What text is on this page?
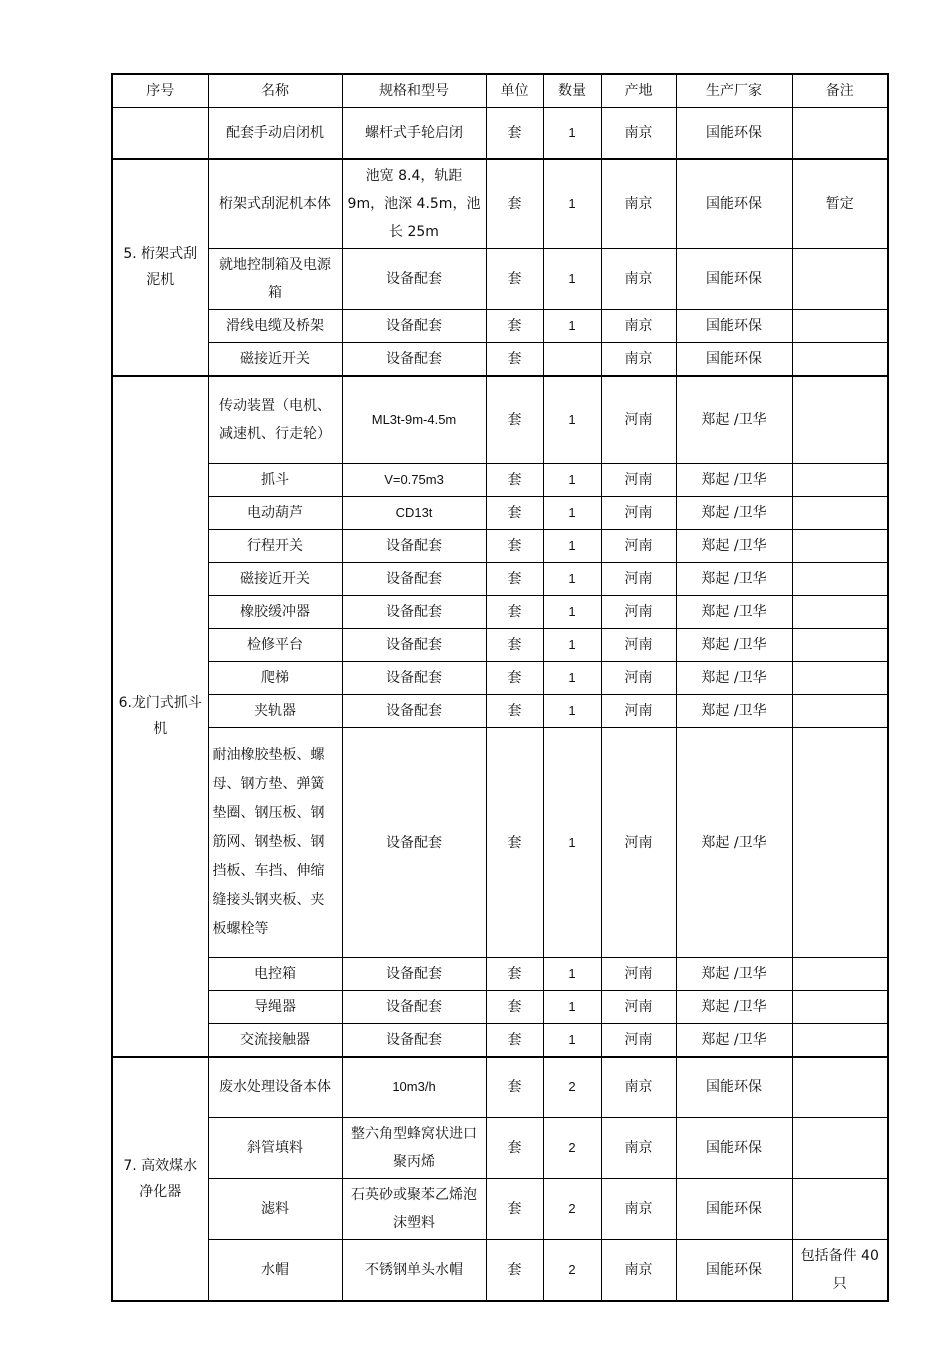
序号	名称	规格和型号	单位	数量	产地	生产厂家	备注
	配套手动启闭机	螺杆式手轮启闭	套	1	南京	国能环保	
5. 桁架式刮泥机	桁架式刮泥机本体	池宽 8.4，轨距 9m，池深 4.5m，池长 25m	套	1	南京	国能环保	暂定
	就地控制箱及电源箱	设备配套	套	1	南京	国能环保	
	滑线电缆及桥架	设备配套	套	1	南京	国能环保	
	磁接近开关	设备配套	套		南京	国能环保	
6.龙门式抓斗机	传动装置（电机、减速机、行走轮）	ML3t-9m-4.5m	套	1	河南	郑起 /卫华	
	抓斗	V=0.75m3	套	1	河南	郑起 /卫华	
	电动葫芦	CD13t	套	1	河南	郑起 /卫华	
	行程开关	设备配套	套	1	河南	郑起 /卫华	
	磁接近开关	设备配套	套	1	河南	郑起 /卫华	
	橡胶缓冲器	设备配套	套	1	河南	郑起 /卫华	
	检修平台	设备配套	套	1	河南	郑起 /卫华	
	爬梯	设备配套	套	1	河南	郑起 /卫华	
	夹轨器	设备配套	套	1	河南	郑起 /卫华	
	耐油橡胶垫板、螺母、钢方垫、弹簧垫圈、钢压板、钢筋网、钢垫板、钢挡板、车挡、伸缩缝接头钢夹板、夹板螺栓等	设备配套	套	1	河南	郑起 /卫华	
	电控箱	设备配套	套	1	河南	郑起 /卫华	
	导绳器	设备配套	套	1	河南	郑起 /卫华	
	交流接触器	设备配套	套	1	河南	郑起 /卫华	
7. 高效煤水净化器	废水处理设备本体	10m3/h	套	2	南京	国能环保	
	斜管填料	整六角型蜂窝状进口聚丙烯	套	2	南京	国能环保	
	滤料	石英砂或聚苯乙烯泡沫塑料	套	2	南京	国能环保	
	水帽	不锈钢单头水帽	套	2	南京	国能环保	包括备件 40只
